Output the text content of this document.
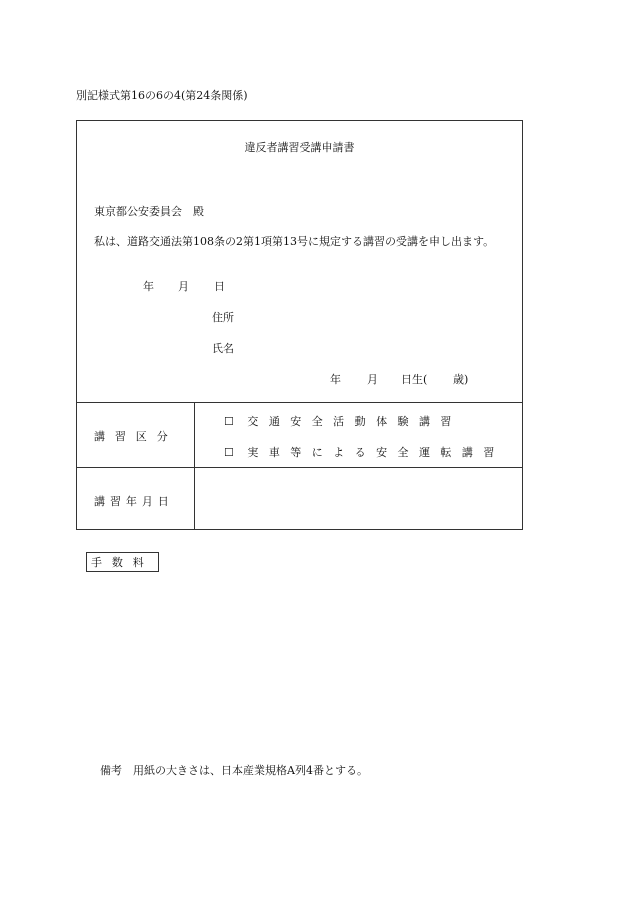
別記様式第16の6の4(第24条関係)
違反者講習受講申請書
東京都公安委員会　殿
私は、道路交通法第108条の2第1項第13号に規定する講習の受講を申し出ます。
年 月 日
住所
氏名
年 月 日生( 歳)
講習区分
☐ 交通安全活動体験講習
☐ 実車等による安全運転講習
講習年月日
手数料
備考　用紙の大きさは、日本産業規格A列4番とする。
